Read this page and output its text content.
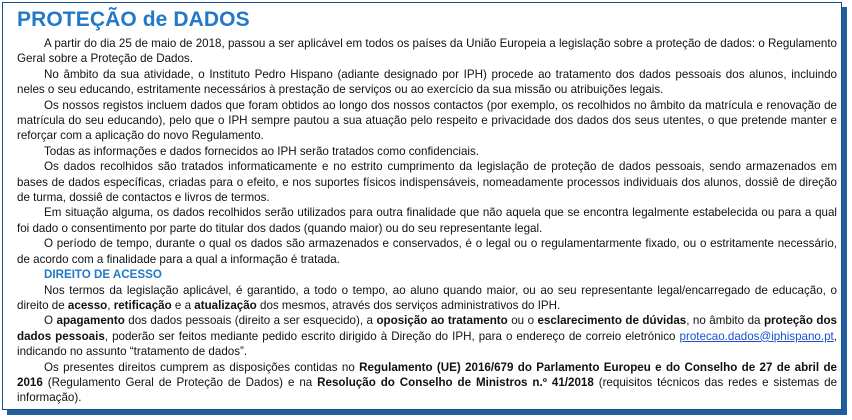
PROTEÇÃO de DADOS

A partir do dia 25 de maio de 2018, passou a ser aplicável em todos os países da União Europeia a legislação sobre a proteção de dados: o Regulamento Geral sobre a Proteção de Dados.

No âmbito da sua atividade, o Instituto Pedro Hispano (adiante designado por IPH) procede ao tratamento dos dados pessoais dos alunos, incluindo neles o seu educando, estritamente necessários à prestação de serviços ou ao exercício da sua missão ou atribuições legais.

Os nossos registos incluem dados que foram obtidos ao longo dos nossos contactos (por exemplo, os recolhidos no âmbito da matrícula e renovação de matrícula do seu educando), pelo que o IPH sempre pautou a sua atuação pelo respeito e privacidade dos dados dos seus utentes, o que pretende manter e reforçar com a aplicação do novo Regulamento.

Todas as informações e dados fornecidos ao IPH serão tratados como confidenciais.

Os dados recolhidos são tratados informaticamente e no estrito cumprimento da legislação de proteção de dados pessoais, sendo armazenados em bases de dados específicas, criadas para o efeito, e nos suportes físicos indispensáveis, nomeadamente processos individuais dos alunos, dossiê de direção de turma, dossiê de contactos e livros de termos.

Em situação alguma, os dados recolhidos serão utilizados para outra finalidade que não aquela que se encontra legalmente estabelecida ou para a qual foi dado o consentimento por parte do titular dos dados (quando maior) ou do seu representante legal.

O período de tempo, durante o qual os dados são armazenados e conservados, é o legal ou o regulamentarmente fixado, ou o estritamente necessário, de acordo com a finalidade para a qual a informação é tratada.

DIREITO DE ACESSO

Nos termos da legislação aplicável, é garantido, a todo o tempo, ao aluno quando maior, ou ao seu representante legal/encarregado de educação, o direito de acesso, retificação e a atualização dos mesmos, através dos serviços administrativos do IPH.

O apagamento dos dados pessoais (direito a ser esquecido), a oposição ao tratamento ou o esclarecimento de dúvidas, no âmbito da proteção dos dados pessoais, poderão ser feitos mediante pedido escrito dirigido à Direção do IPH, para o endereço de correio eletrónico protecao.dados@iphispano.pt, indicando no assunto “tratamento de dados”.

Os presentes direitos cumprem as disposições contidas no Regulamento (UE) 2016/679 do Parlamento Europeu e do Conselho de 27 de abril de 2016 (Regulamento Geral de Proteção de Dados) e na Resolução do Conselho de Ministros n.º 41/2018 (requisitos técnicos das redes e sistemas de informação).
